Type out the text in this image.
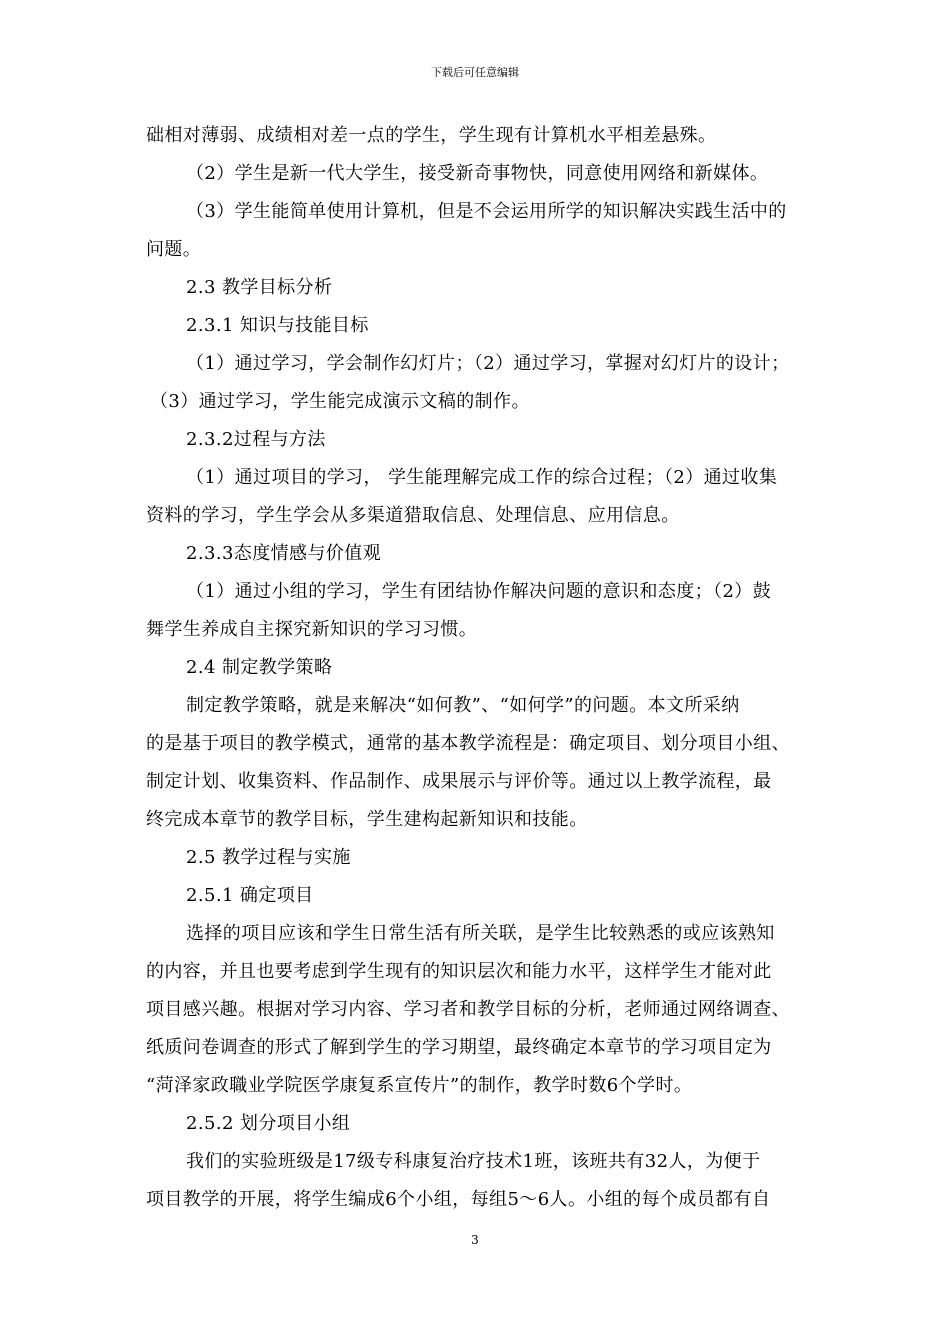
下载后可任意编辑
础相对薄弱、成绩相对差一点的学生，学生现有计算机水平相差悬殊。
（2）学生是新一代大学生，接受新奇事物快，同意使用网络和新媒体。
（3）学生能简单使用计算机，但是不会运用所学的知识解决实践生活中的
问题。
2.3 教学目标分析
2.3.1 知识与技能目标
（1）通过学习，学会制作幻灯片；（2）通过学习，掌握对幻灯片的设计；
（3）通过学习，学生能完成演示文稿的制作。
2.3.2过程与方法
（1）通过项目的学习， 学生能理解完成工作的综合过程；（2）通过收集
资料的学习，学生学会从多渠道猎取信息、处理信息、应用信息。
2.3.3态度情感与价值观
（1）通过小组的学习，学生有团结协作解决问题的意识和态度；（2）鼓
舞学生养成自主探究新知识的学习习惯。
2.4 制定教学策略
制定教学策略，就是来解决“如何教”、“如何学”的问题。本文所采纳
的是基于项目的教学模式，通常的基本教学流程是：确定项目、划分项目小组、
制定计划、收集资料、作品制作、成果展示与评价等。通过以上教学流程，最
终完成本章节的教学目标，学生建构起新知识和技能。
2.5 教学过程与实施
2.5.1 确定项目
选择的项目应该和学生日常生活有所关联，是学生比较熟悉的或应该熟知
的内容，并且也要考虑到学生现有的知识层次和能力水平，这样学生才能对此
项目感兴趣。根据对学习内容、学习者和教学目标的分析，老师通过网络调查、
纸质问卷调查的形式了解到学生的学习期望，最终确定本章节的学习项目定为
“菏泽家政職业学院医学康复系宣传片”的制作，教学时数6个学时。
2.5.2 划分项目小组
我们的实验班级是17级专科康复治疗技术1班，该班共有32人，为便于
项目教学的开展，将学生编成6个小组，每组5～6人。小组的每个成员都有自
3
